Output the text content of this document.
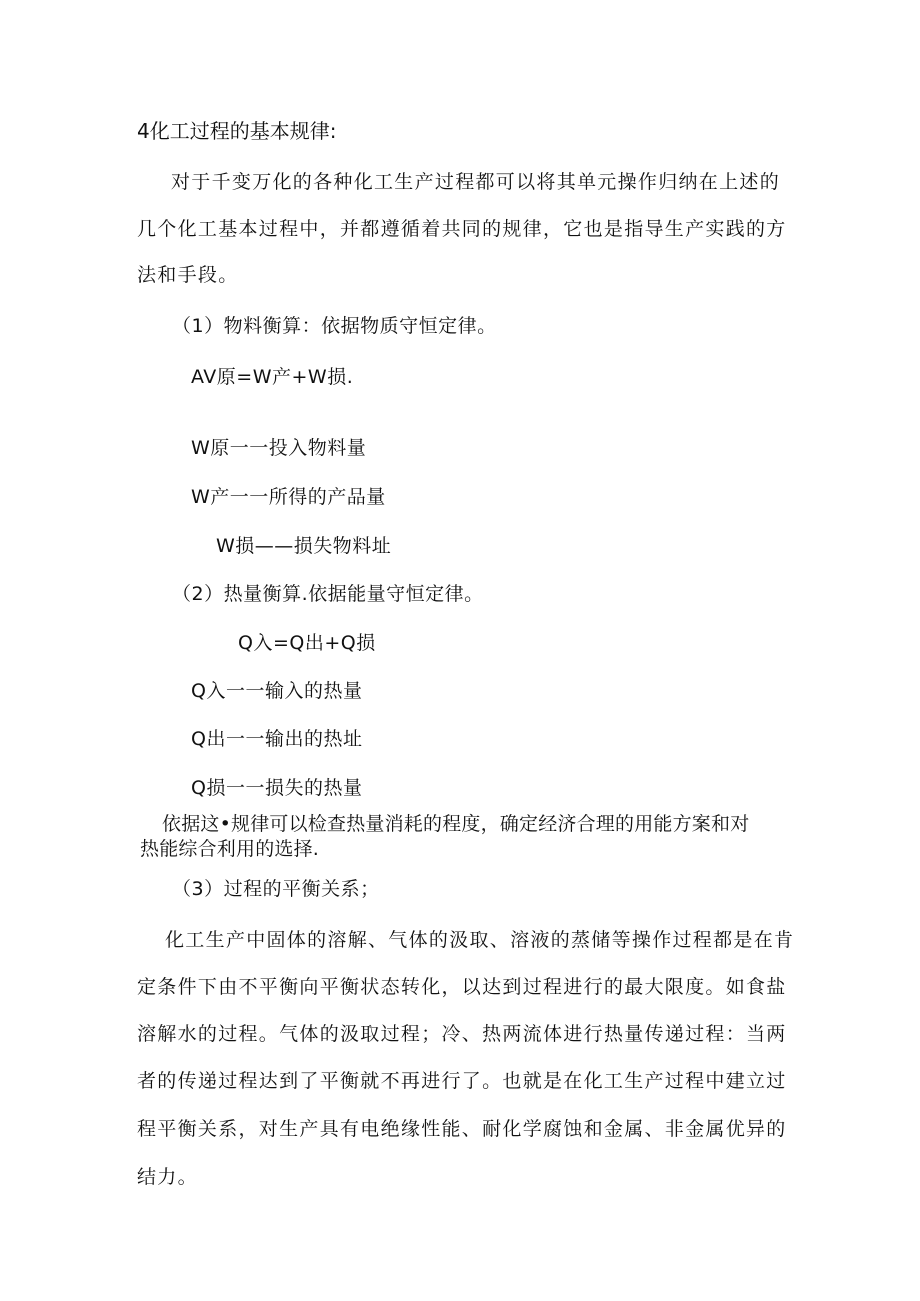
4化工过程的基本规律:

对于千变万化的各种化工生产过程都可以将其单元操作归纳在上述的

几个化工基本过程中，并都遵循着共同的规律，它也是指导生产实践的方

法和手段。

（1）物料衡算：依据物质守恒定律。

AV原=W产+W损.

W原一一投入物料量

W产一一所得的产品量

W损——损失物料址

（2）热量衡算.依据能量守恒定律。

Q入=Q出+Q损

Q入一一输入的热量

Q出一一输出的热址

Q损一一损失的热量

依据这•规律可以检查热量消耗的程度，确定经济合理的用能方案和对

热能综合利用的选择.

（3）过程的平衡关系；

化工生产中固体的溶解、气体的汲取、溶液的蒸储等操作过程都是在肯

定条件下由不平衡向平衡状态转化，以达到过程进行的最大限度。如食盐

溶解水的过程。气体的汲取过程；冷、热两流体进行热量传递过程：当两

者的传递过程达到了平衡就不再进行了。也就是在化工生产过程中建立过

程平衡关系，对生产具有电绝缘性能、耐化学腐蚀和金属、非金属优异的

结力。
